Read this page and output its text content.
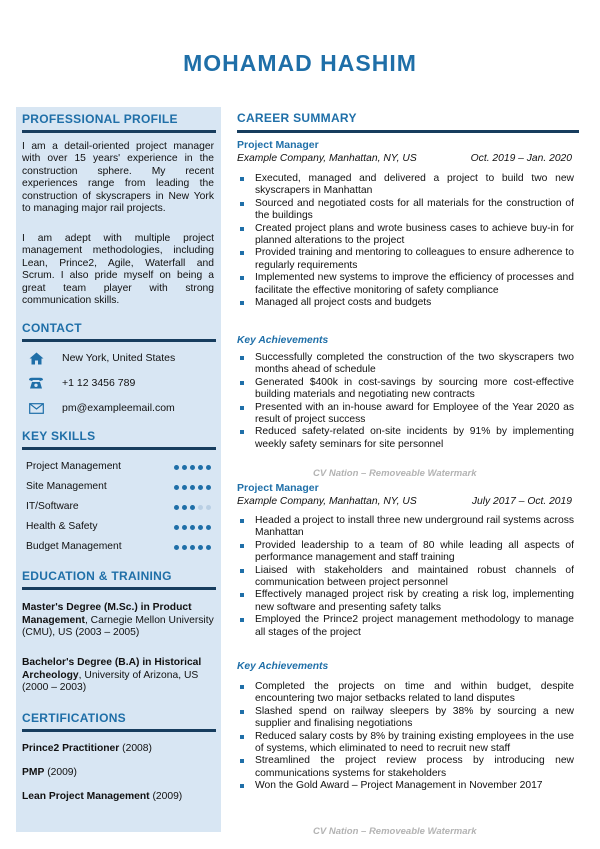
MOHAMAD HASHIM
PROFESSIONAL PROFILE
I am a detail-oriented project manager with over 15 years' experience in the construction sphere. My recent experiences range from leading the construction of skyscrapers in New York to managing major rail projects.
I am adept with multiple project management methodologies, including Lean, Prince2, Agile, Waterfall and Scrum. I also pride myself on being a great team player with strong communication skills.
CONTACT
New York, United States
+1 12 3456 789
pm@exampleemail.com
KEY SKILLS
Project Management
Site Management
IT/Software
Health & Safety
Budget Management
EDUCATION & TRAINING
Master's Degree (M.Sc.) in Product Management, Carnegie Mellon University (CMU), US (2003 – 2005)
Bachelor's Degree (B.A) in Historical Archeology, University of Arizona, US (2000 – 2003)
CERTIFICATIONS
Prince2 Practitioner (2008)
PMP (2009)
Lean Project Management (2009)
CAREER SUMMARY
Project Manager
Example Company, Manhattan, NY, US	Oct. 2019 – Jan. 2020
Executed, managed and delivered a project to build two new skyscrapers in Manhattan
Sourced and negotiated costs for all materials for the construction of the buildings
Created project plans and wrote business cases to achieve buy-in for planned alterations to the project
Provided training and mentoring to colleagues to ensure adherence to regularly requirements
Implemented new systems to improve the efficiency of processes and facilitate the effective monitoring of safety compliance
Managed all project costs and budgets
Key Achievements
Successfully completed the construction of the two skyscrapers two months ahead of schedule
Generated $400k in cost-savings by sourcing more cost-effective building materials and negotiating new contracts
Presented with an in-house award for Employee of the Year 2020 as result of project success
Reduced safety-related on-site incidents by 91% by implementing weekly safety seminars for site personnel
CV Nation – Removeable Watermark
Project Manager
Example Company, Manhattan, NY, US	July 2017 – Oct. 2019
Headed a project to install three new underground rail systems across Manhattan
Provided leadership to a team of 80 while leading all aspects of performance management and staff training
Liaised with stakeholders and maintained robust channels of communication between project personnel
Effectively managed project risk by creating a risk log, implementing new software and presenting safety talks
Employed the Prince2 project management methodology to manage all stages of the project
Key Achievements
Completed the projects on time and within budget, despite encountering two major setbacks related to land disputes
Slashed spend on railway sleepers by 38% by sourcing a new supplier and finalising negotiations
Reduced salary costs by 8% by training existing employees in the use of systems, which eliminated to need to recruit new staff
Streamlined the project review process by introducing new communications systems for stakeholders
Won the Gold Award – Project Management in November 2017
CV Nation – Removeable Watermark
